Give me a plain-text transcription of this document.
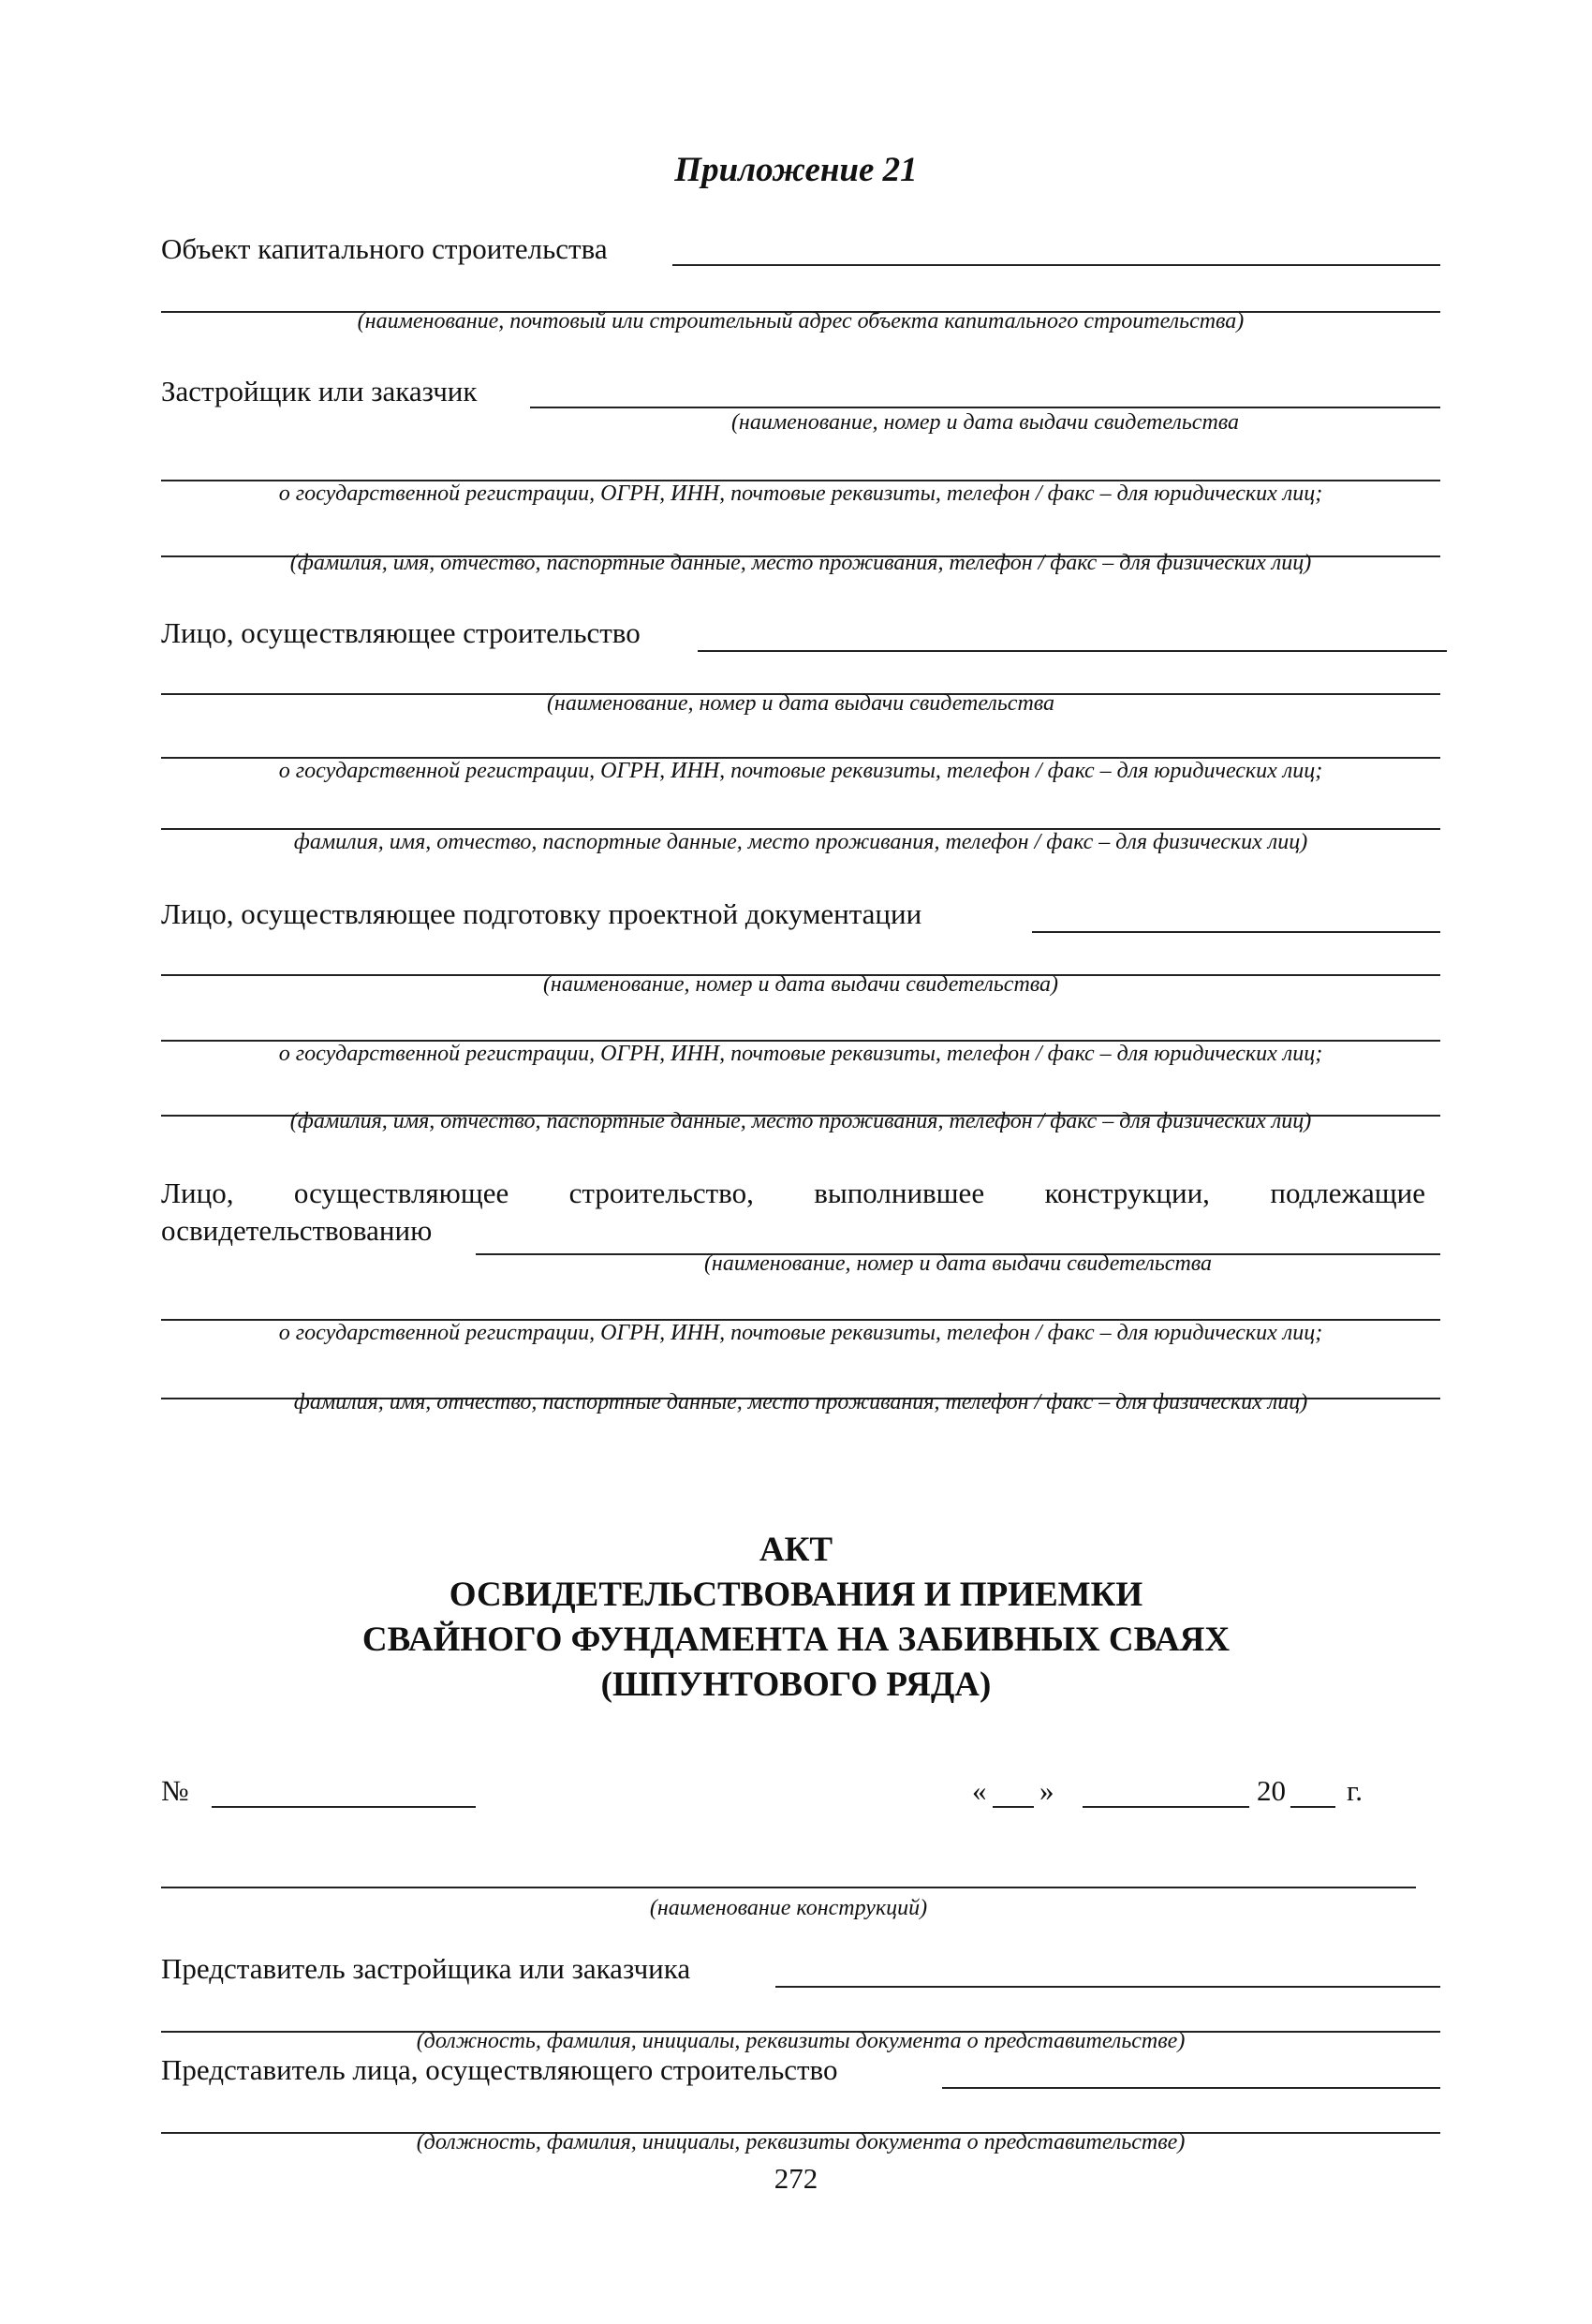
Приложение 21
Объект капитального строительства
(наименование, почтовый или строительный адрес объекта капитального строительства)
Застройщик или заказчик
(наименование, номер и дата выдачи свидетельства
о государственной регистрации, ОГРН, ИНН, почтовые реквизиты, телефон / факс – для юридических лиц;
(фамилия, имя, отчество, паспортные данные, место проживания, телефон / факс – для физических лиц)
Лицо, осуществляющее строительство
(наименование, номер и дата выдачи свидетельства
о государственной регистрации, ОГРН, ИНН, почтовые реквизиты, телефон / факс – для юридических лиц;
фамилия, имя, отчество, паспортные данные, место проживания, телефон / факс – для физических лиц)
Лицо, осуществляющее подготовку проектной документации
(наименование, номер и дата выдачи свидетельства)
о государственной регистрации, ОГРН, ИНН, почтовые реквизиты, телефон / факс – для юридических лиц;
(фамилия, имя, отчество, паспортные данные, место проживания, телефон / факс – для физических лиц)
Лицо, осуществляющее строительство, выполнившее конструкции, подлежащие
освидетельствованию
(наименование, номер и дата выдачи свидетельства
о государственной регистрации, ОГРН, ИНН, почтовые реквизиты, телефон / факс – для юридических лиц;
фамилия, имя, отчество, паспортные данные, место проживания, телефон / факс – для физических лиц)
АКТ
ОСВИДЕТЕЛЬСТВОВАНИЯ И ПРИЕМКИ
СВАЙНОГО ФУНДАМЕНТА НА ЗАБИВНЫХ СВАЯХ
(ШПУНТОВОГО РЯДА)
№	« »	20 г.
(наименование конструкций)
Представитель застройщика или заказчика
(должность, фамилия, инициалы, реквизиты документа о представительстве)
Представитель лица, осуществляющего строительство
(должность, фамилия, инициалы, реквизиты документа о представительстве)
272
